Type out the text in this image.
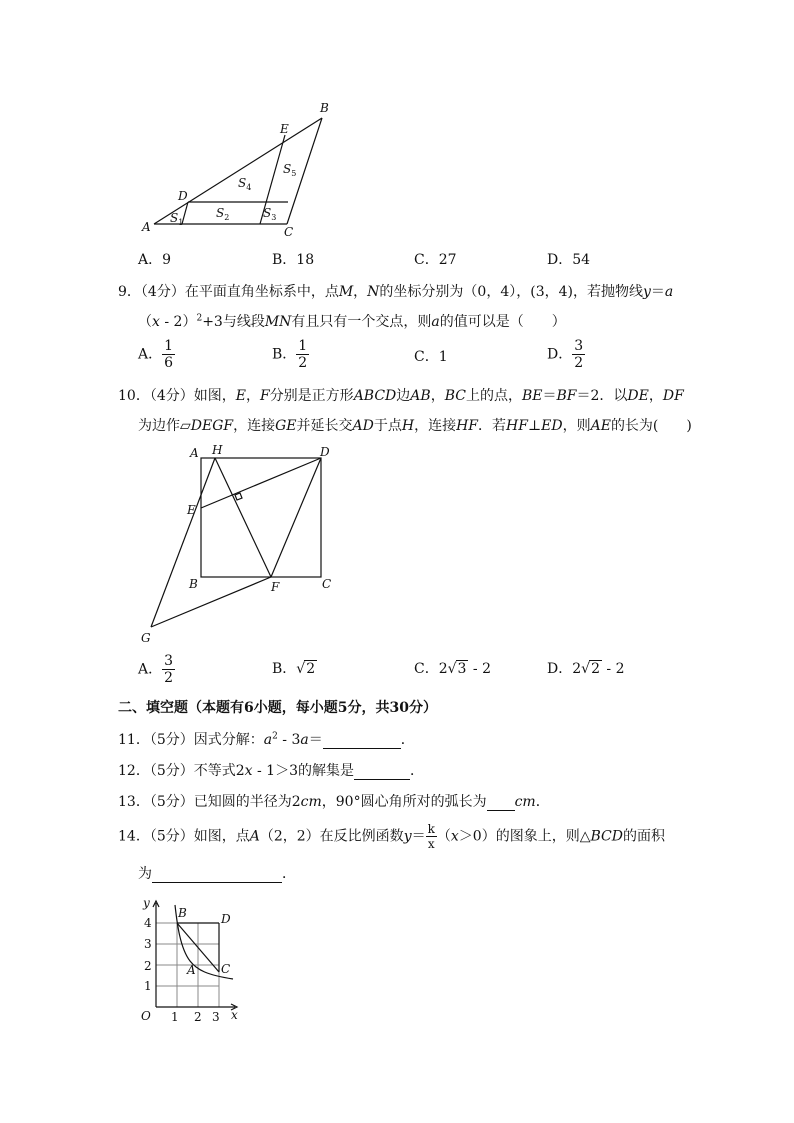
B
E
D
A	C
$S_4$
$S_5$
$S_1$
$S_2$	$S_3$
A．9	B．18	C．27	D．54
9．（4分）在平面直角坐标系中，点M，N的坐标分别为（0，4），(3，4)，若抛物线y＝a
（x - 2）$^2$+3与线段MN有且只有一个交点，则a的值可以是（　　）
A． $\frac{1}{6}$	B． $\frac{1}{2}$	C．1	D． $\frac{3}{2}$
10．（4分）如图，E，F分别是正方形ABCD边AB，BC上的点，BE＝BF＝2．以DE，DF
为边作▱DEGF，连接GE并延长交AD于点H，连接HF．若HF⊥ED，则AE的长为(　　)
A H	D
E
B	F	C
G
A． $\frac{3}{2}$	B．√2	C．2√3 - 2	D．2√2 - 2
二、填空题（本题有6小题，每小题5分，共30分）
11．（5分）因式分解：$a^2 - 3a=$	．
12．（5分）不等式2x - 1＞3的解集是	．
13．（5分）已知圆的半径为2cm，90°圆心角所对的弧长为 cm．
14．（5分）如图，点A（2，2）在反比例函数$y= \frac{k}{x} (x>0)$的图象上，则△BCD的面积
为	．
y
B	D
A C
O	x
4
3
2
1
1 2 3
